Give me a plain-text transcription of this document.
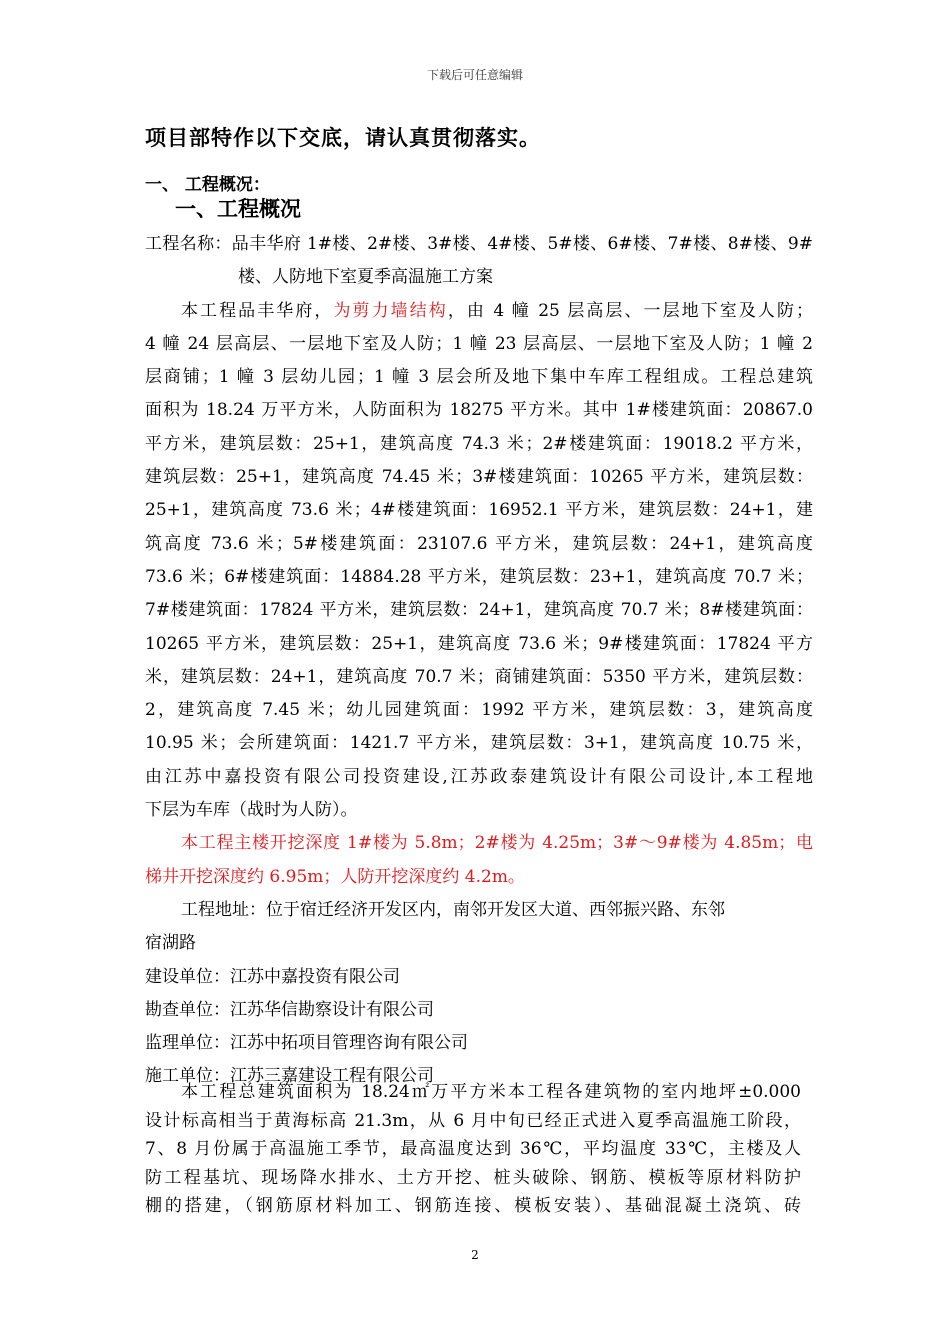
下载后可任意编辑
项目部特作以下交底，请认真贯彻落实。
一、 工程概况：
一、工程概况
工程名称：品丰华府 1#楼、2#楼、3#楼、4#楼、5#楼、6#楼、7#楼、8#楼、9#
楼、人防地下室夏季高温施工方案
本工程品丰华府，为剪力墙结构，由 4 幢 25 层高层、一层地下室及人防；
4 幢 24 层高层、一层地下室及人防；1 幢 23 层高层、一层地下室及人防；1 幢 2
层商铺；1 幢 3 层幼儿园；1 幢 3 层会所及地下集中车库工程组成。工程总建筑
面积为 18.24 万平方米，人防面积为 18275 平方米。其中 1#楼建筑面：20867.0
平方米，建筑层数：25+1，建筑高度 74.3 米；2#楼建筑面：19018.2 平方米，
建筑层数：25+1，建筑高度 74.45 米；3#楼建筑面：10265 平方米，建筑层数：
25+1，建筑高度 73.6 米；4#楼建筑面：16952.1 平方米，建筑层数：24+1，建
筑高度 73.6 米；5#楼建筑面：23107.6 平方米，建筑层数：24+1，建筑高度
73.6 米；6#楼建筑面：14884.28 平方米，建筑层数：23+1，建筑高度 70.7 米；
7#楼建筑面：17824 平方米，建筑层数：24+1，建筑高度 70.7 米；8#楼建筑面：
10265 平方米，建筑层数：25+1，建筑高度 73.6 米；9#楼建筑面：17824 平方
米，建筑层数：24+1，建筑高度 70.7 米；商铺建筑面：5350 平方米，建筑层数：
2，建筑高度 7.45 米；幼儿园建筑面：1992 平方米，建筑层数：3，建筑高度
10.95 米；会所建筑面：1421.7 平方米，建筑层数：3+1，建筑高度 10.75 米，
由江苏中嘉投资有限公司投资建设,江苏政泰建筑设计有限公司设计,本工程地
下层为车库（战时为人防）。
本工程主楼开挖深度 1#楼为 5.8m；2#楼为 4.25m；3#～9#楼为 4.85m；电
梯井开挖深度约 6.95m；人防开挖深度约 4.2m。
工程地址：位于宿迁经济开发区内，南邻开发区大道、西邻振兴路、东邻
宿湖路
建设单位：江苏中嘉投资有限公司
勘查单位：江苏华信勘察设计有限公司
监理单位：江苏中拓项目管理咨询有限公司
施工单位：江苏三嘉建设工程有限公司
本工程总建筑面积为 18.24㎡万平方米本工程各建筑物的室内地坪±0.000
设计标高相当于黄海标高 21.3m，从 6 月中旬已经正式进入夏季高温施工阶段，
7、8 月份属于高温施工季节，最高温度达到 36℃，平均温度 33℃，主楼及人
防工程基坑、现场降水排水、土方开挖、桩头破除、钢筋、模板等原材料防护
棚的搭建，（钢筋原材料加工、钢筋连接、模板安装）、基础混凝土浇筑、砖
2
